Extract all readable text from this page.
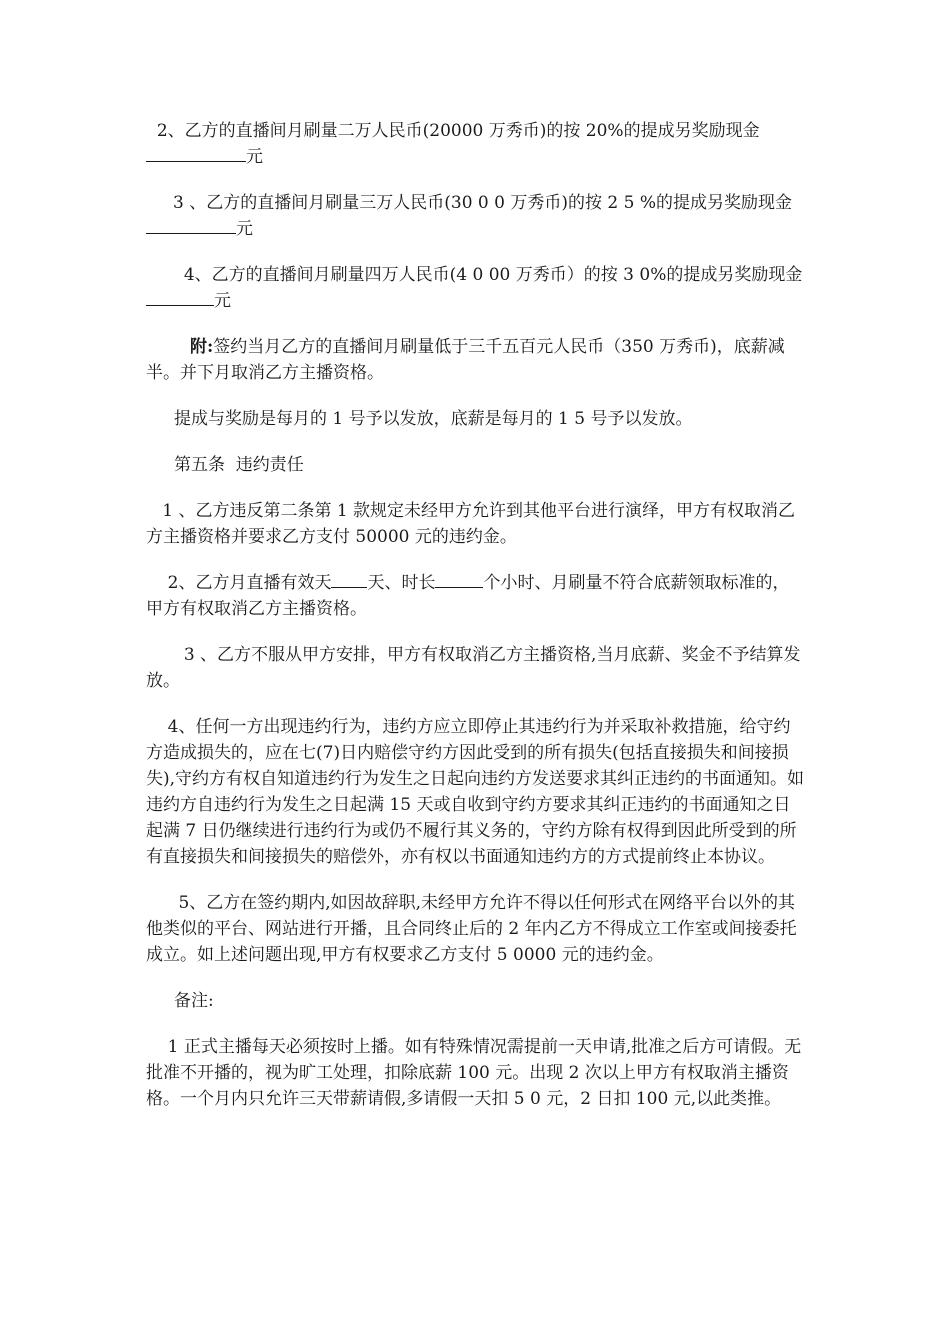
2、乙方的直播间月刷量二万人民币(20000 万秀币)的按 20%的提成另奖励现金元

3 、乙方的直播间月刷量三万人民币(30 0 0 万秀币)的按 2 5 %的提成另奖励现金元

4、乙方的直播间月刷量四万人民币(4 0 00 万秀币）的按 3 0%的提成另奖励现金元

附:签约当月乙方的直播间月刷量低于三千五百元人民币（350 万秀币)，底薪减半。并下月取消乙方主播资格。

提成与奖励是每月的 1 号予以发放，底薪是每月的 1 5 号予以发放。

第五条  违约责任

1 、乙方违反第二条第 1 款规定未经甲方允许到其他平台进行演绎，甲方有权取消乙方主播资格并要求乙方支付 50000 元的违约金。

2、乙方月直播有效天 天、时长	个小时、月刷量不符合底薪领取标准的，甲方有权取消乙方主播资格。

3 、乙方不服从甲方安排，甲方有权取消乙方主播资格,当月底薪、奖金不予结算发放。

4、任何一方出现违约行为，违约方应立即停止其违约行为并采取补救措施，给守约方造成损失的，应在七(7)日内赔偿守约方因此受到的所有损失(包括直接损失和间接损失),守约方有权自知道违约行为发生之日起向违约方发送要求其纠正违约的书面通知。如违约方自违约行为发生之日起满 15 天或自收到守约方要求其纠正违约的书面通知之日起满 7 日仍继续进行违约行为或仍不履行其义务的，守约方除有权得到因此所受到的所有直接损失和间接损失的赔偿外，亦有权以书面通知违约方的方式提前终止本协议。

5、乙方在签约期内,如因故辞职,未经甲方允许不得以任何形式在网络平台以外的其他类似的平台、网站进行开播，且合同终止后的 2 年内乙方不得成立工作室或间接委托成立。如上述问题出现,甲方有权要求乙方支付 5 0000 元的违约金。

备注:

1 正式主播每天必须按时上播。如有特殊情况需提前一天申请,批准之后方可请假。无批准不开播的，视为旷工处理，扣除底薪 100 元。出现 2 次以上甲方有权取消主播资格。一个月内只允许三天带薪请假,多请假一天扣 5 0 元，2 日扣 100 元,以此类推。
